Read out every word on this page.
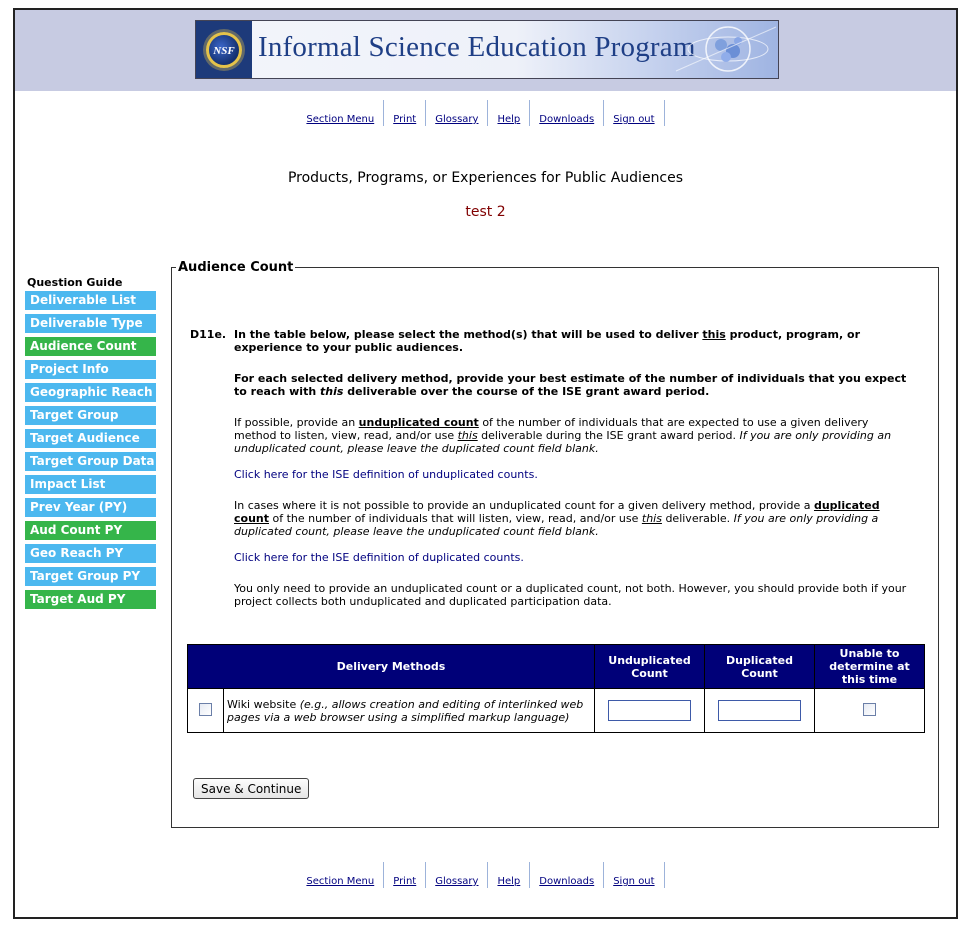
NSF Informal Science Education Program
Section Menu	Print	Glossary	Help	Downloads	Sign out
Products, Programs, or Experiences for Public Audiences
test 2
Question Guide
Deliverable List
Deliverable Type
Audience Count
Project Info
Geographic Reach
Target Group
Target Audience
Target Group Data
Impact List
Prev Year (PY)
Aud Count PY
Geo Reach PY
Target Group PY
Target Aud PY
Audience Count
D11e. In the table below, please select the method(s) that will be used to deliver this product, program, or experience to your public audiences.
For each selected delivery method, provide your best estimate of the number of individuals that you expect to reach with this deliverable over the course of the ISE grant award period.
If possible, provide an unduplicated count of the number of individuals that are expected to use a given delivery method to listen, view, read, and/or use this deliverable during the ISE grant award period. If you are only providing an unduplicated count, please leave the duplicated count field blank.
Click here for the ISE definition of unduplicated counts.
In cases where it is not possible to provide an unduplicated count for a given delivery method, provide a duplicated count of the number of individuals that will listen, view, read, and/or use this deliverable. If you are only providing a duplicated count, please leave the unduplicated count field blank.
Click here for the ISE definition of duplicated counts.
You only need to provide an unduplicated count or a duplicated count, not both. However, you should provide both if your project collects both unduplicated and duplicated participation data.
Delivery Methods		Unduplicated Count	Duplicated Count	Unable to determine at this time
	Wiki website (e.g., allows creation and editing of interlinked web pages via a web browser using a simplified markup language)			
Save & Continue
Section Menu	Print	Glossary	Help	Downloads	Sign out
